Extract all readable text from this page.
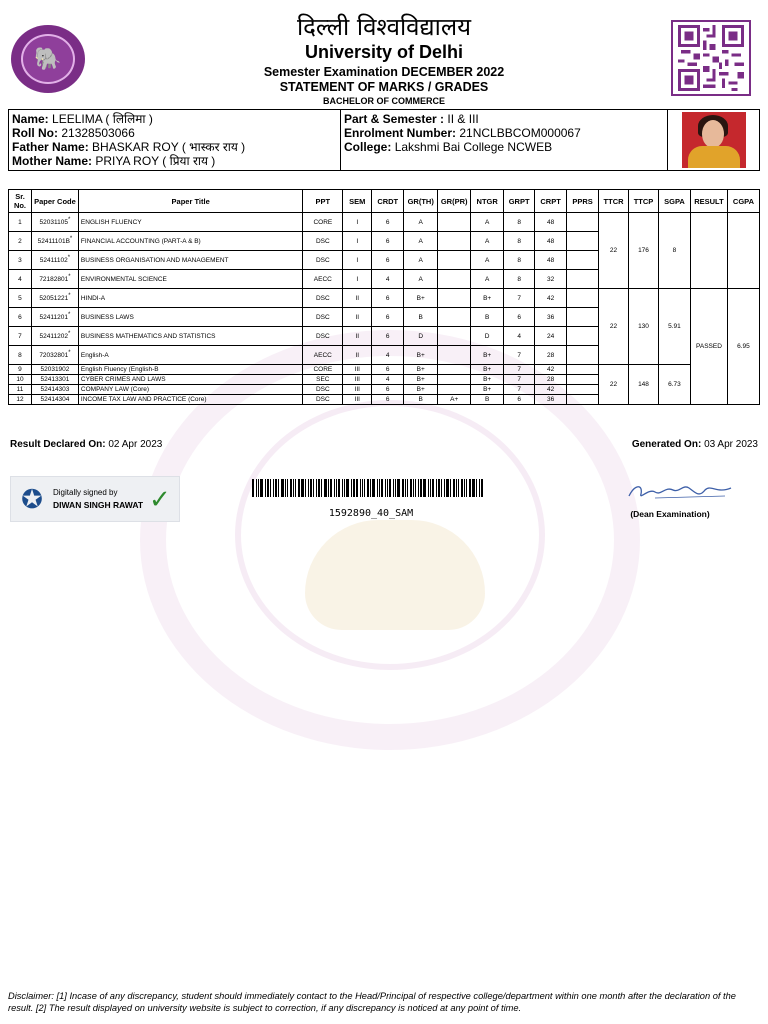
🐘
दिल्ली विश्वविद्यालय
University of Delhi
Semester Examination DECEMBER 2022
STATEMENT OF MARKS / GRADES
BACHELOR OF COMMERCE
Name: LEELIMA ( लिलिमा )
Roll No: 21328503066
Father Name: BHASKAR ROY ( भास्कर राय )
Mother Name: PRIYA ROY ( प्रिया राय )
Part & Semester : II & III
Enrolment Number: 21NCLBBCOM000067
College: Lakshmi Bai College NCWEB
Sr. No.	Paper Code	Paper Title	PPT	SEM	CRDT	GR(TH)	GR(PR)	NTGR	GRPT	CRPT	PPRS	TTCR	TTCP	SGPA	RESULT	CGPA
1	52031105*	ENGLISH FLUENCY	CORE	I	6	A		A	8	48		22	176	8		
2	52411101B*	FINANCIAL ACCOUNTING (PART-A & B)	DSC	I	6	A		A	8	48						
3	52411102*	BUSINESS ORGANISATION AND MANAGEMENT	DSC	I	6	A		A	8	48						
4	72182801*	ENVIRONMENTAL SCIENCE	AECC	I	4	A		A	8	32						
5	52051221*	HINDI-A	DSC	II	6	B+		B+	7	42		22	130	5.91	PASSED	6.95
6	52411201*	BUSINESS LAWS	DSC	II	6	B		B	6	36						
7	52411202*	BUSINESS MATHEMATICS AND STATISTICS	DSC	II	6	D		D	4	24						
8	72032801*	English-A	AECC	II	4	B+		B+	7	28						
9	52031902	English Fluency (English-B	CORE	III	6	B+		B+	7	42		22	148	6.73		
10	52413301	CYBER CRIMES AND LAWS	SEC	III	4	B+		B+	7	28						
11	52414303	COMPANY LAW (Core)	DSC	III	6	B+		B+	7	42						
12	52414304	INCOME TAX LAW AND PRACTICE (Core)	DSC	III	6	B	A+	B	6	36						
Result Declared On: 02 Apr 2023	Generated On: 03 Apr 2023
✪	Digitally signed by
DIWAN SINGH RAWAT ✓	1592890_40_SAM	(Dean Examination)
Disclaimer: [1] Incase of any discrepancy, student should immediately contact to the Head/Principal of respective college/department within one month after the declaration of the result. [2] The result displayed on university website is subject to correction, if any discrepancy is noticed at any point of time.
